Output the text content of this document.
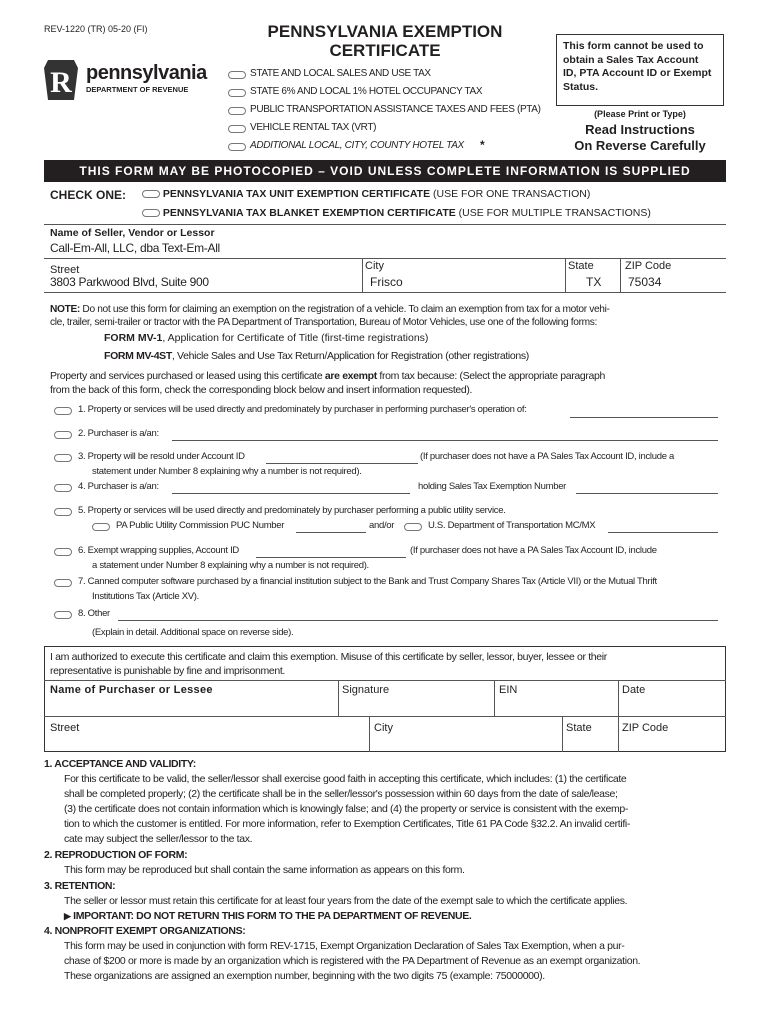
REV-1220 (TR) 05-20 (FI)
R pennsylvania
DEPARTMENT OF REVENUE
PENNSYLVANIA EXEMPTION
CERTIFICATE
STATE AND LOCAL SALES AND USE TAX
STATE 6% AND LOCAL 1% HOTEL OCCUPANCY TAX
PUBLIC TRANSPORTATION ASSISTANCE TAXES AND FEES (PTA)
VEHICLE RENTAL TAX (VRT)
ADDITIONAL LOCAL, CITY, COUNTY HOTEL TAX *
This form cannot be used to
obtain a Sales Tax Account
ID, PTA Account ID or Exempt
Status.
(Please Print or Type)
Read Instructions
On Reverse Carefully
THIS FORM MAY BE PHOTOCOPIED – VOID UNLESS COMPLETE INFORMATION IS SUPPLIED
CHECK ONE:	PENNSYLVANIA TAX UNIT EXEMPTION CERTIFICATE (USE FOR ONE TRANSACTION)
PENNSYLVANIA TAX BLANKET EXEMPTION CERTIFICATE (USE FOR MULTIPLE TRANSACTIONS)
Name of Seller, Vendor or Lessor
Call-Em-All, LLC, dba Text-Em-All
Street
3803 Parkwood Blvd, Suite 900
City
Frisco
State
TX
ZIP Code
75034
NOTE: Do not use this form for claiming an exemption on the registration of a vehicle. To claim an exemption from tax for a motor vehi-
cle, trailer, semi-trailer or tractor with the PA Department of Transportation, Bureau of Motor Vehicles, use one of the following forms:
FORM MV-1, Application for Certificate of Title (first-time registrations)
FORM MV-4ST, Vehicle Sales and Use Tax Return/Application for Registration (other registrations)
Property and services purchased or leased using this certificate are exempt from tax because: (Select the appropriate paragraph
from the back of this form, check the corresponding block below and insert information requested).
1. Property or services will be used directly and predominately by purchaser in performing purchaser's operation of:
2. Purchaser is a/an:
3. Property will be resold under Account ID	(If purchaser does not have a PA Sales Tax Account ID, include a
statement under Number 8 explaining why a number is not required).
4. Purchaser is a/an:	holding Sales Tax Exemption Number
5. Property or services will be used directly and predominately by purchaser performing a public utility service.
PA Public Utility Commission PUC Number	and/or	U.S. Department of Transportation MC/MX
6. Exempt wrapping supplies, Account ID	(If purchaser does not have a PA Sales Tax Account ID, include
a statement under Number 8 explaining why a number is not required).
7. Canned computer software purchased by a financial institution subject to the Bank and Trust Company Shares Tax (Article VII) or the Mutual Thrift
Institutions Tax (Article XV).
8. Other
(Explain in detail. Additional space on reverse side).
I am authorized to execute this certificate and claim this exemption. Misuse of this certificate by seller, lessor, buyer, lessee or their
representative is punishable by fine and imprisonment.
Name of Purchaser or Lessee	Signature	EIN	Date
Street	City	State	ZIP Code
1. ACCEPTANCE AND VALIDITY:
For this certificate to be valid, the seller/lessor shall exercise good faith in accepting this certificate, which includes: (1) the certificate
shall be completed properly; (2) the certificate shall be in the seller/lessor's possession within 60 days from the date of sale/lease;
(3) the certificate does not contain information which is knowingly false; and (4) the property or service is consistent with the exemp-
tion to which the customer is entitled. For more information, refer to Exemption Certificates, Title 61 PA Code §32.2. An invalid certifi-
cate may subject the seller/lessor to the tax.
2. REPRODUCTION OF FORM:
This form may be reproduced but shall contain the same information as appears on this form.
3. RETENTION:
The seller or lessor must retain this certificate for at least four years from the date of the exempt sale to which the certificate applies.
▶ IMPORTANT: DO NOT RETURN THIS FORM TO THE PA DEPARTMENT OF REVENUE.
4. NONPROFIT EXEMPT ORGANIZATIONS:
This form may be used in conjunction with form REV-1715, Exempt Organization Declaration of Sales Tax Exemption, when a pur-
chase of $200 or more is made by an organization which is registered with the PA Department of Revenue as an exempt organization.
These organizations are assigned an exemption number, beginning with the two digits 75 (example: 75000000).
